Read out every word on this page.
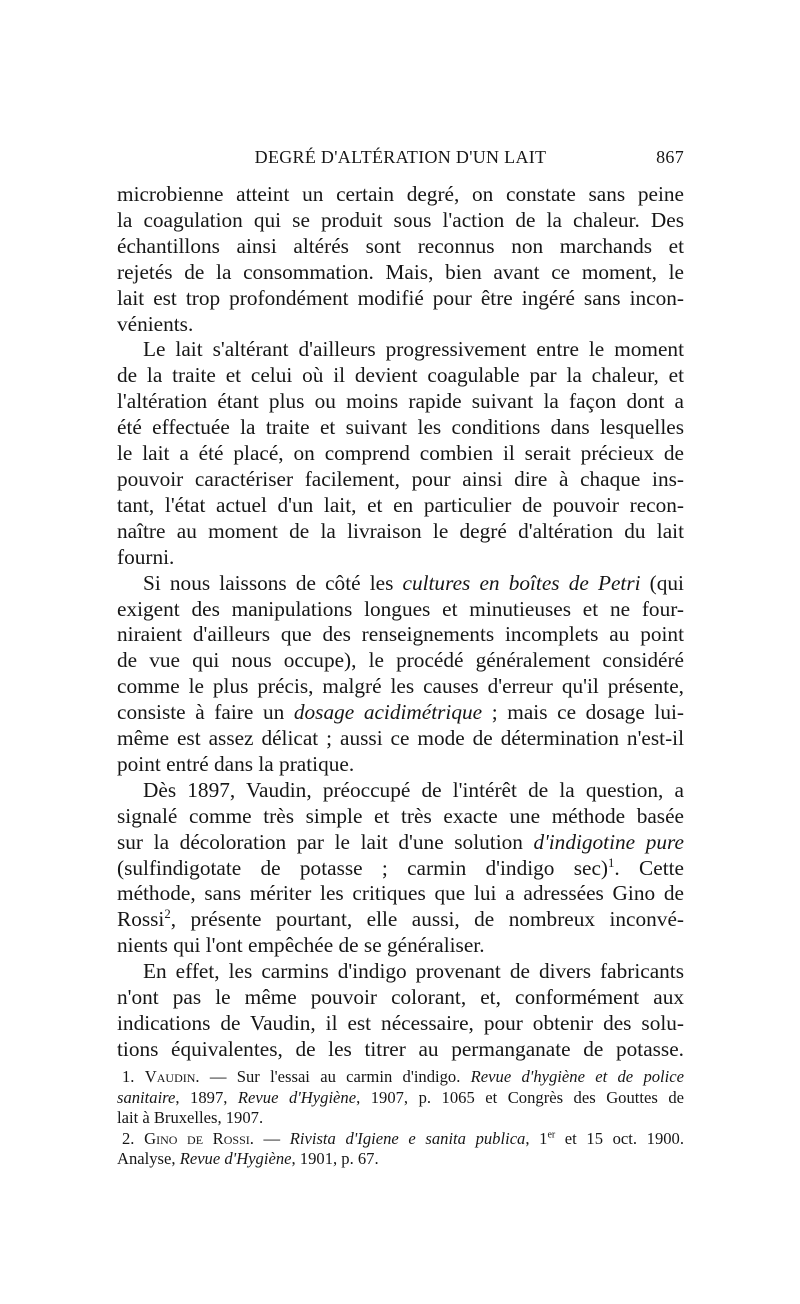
DEGRÉ D'ALTÉRATION D'UN LAIT	867

microbienne atteint un certain degré, on constate sans peine
la coagulation qui se produit sous l'action de la chaleur. Des
échantillons ainsi altérés sont reconnus non marchands et
rejetés de la consommation. Mais, bien avant ce moment, le
lait est trop profondément modifié pour être ingéré sans incon-
vénients.

Le lait s'altérant d'ailleurs progressivement entre le moment
de la traite et celui où il devient coagulable par la chaleur, et
l'altération étant plus ou moins rapide suivant la façon dont a
été effectuée la traite et suivant les conditions dans lesquelles
le lait a été placé, on comprend combien il serait précieux de
pouvoir caractériser facilement, pour ainsi dire à chaque ins-
tant, l'état actuel d'un lait, et en particulier de pouvoir recon-
naître au moment de la livraison le degré d'altération du lait
fourni.

Si nous laissons de côté les cultures en boîtes de Petri (qui
exigent des manipulations longues et minutieuses et ne four-
niraient d'ailleurs que des renseignements incomplets au point
de vue qui nous occupe), le procédé généralement considéré
comme le plus précis, malgré les causes d'erreur qu'il présente,
consiste à faire un dosage acidimétrique ; mais ce dosage lui-
même est assez délicat ; aussi ce mode de détermination n'est-il
point entré dans la pratique.

Dès 1897, Vaudin, préoccupé de l'intérêt de la question, a
signalé comme très simple et très exacte une méthode basée
sur la décoloration par le lait d'une solution d'indigotine pure
(sulfindigotate de potasse ; carmin d'indigo sec)$^1$. Cette
méthode, sans mériter les critiques que lui a adressées Gino de
Rossi$^2$, présente pourtant, elle aussi, de nombreux inconvé-
nients qui l'ont empêchée de se généraliser.

En effet, les carmins d'indigo provenant de divers fabricants
n'ont pas le même pouvoir colorant, et, conformément aux
indications de Vaudin, il est nécessaire, pour obtenir des solu-
tions équivalentes, de les titrer au permanganate de potasse.

1. Vaudin. — Sur l'essai au carmin d'indigo. Revue d'hygiène et de police
sanitaire, 1897, Revue d'Hygiène, 1907, p. 1065 et Congrès des Gouttes de
lait à Bruxelles, 1907.
2. Gino de Rossi. — Rivista d'Igiene e sanita publica, 1er et 15 oct. 1900.
Analyse, Revue d'Hygiène, 1901, p. 67.
